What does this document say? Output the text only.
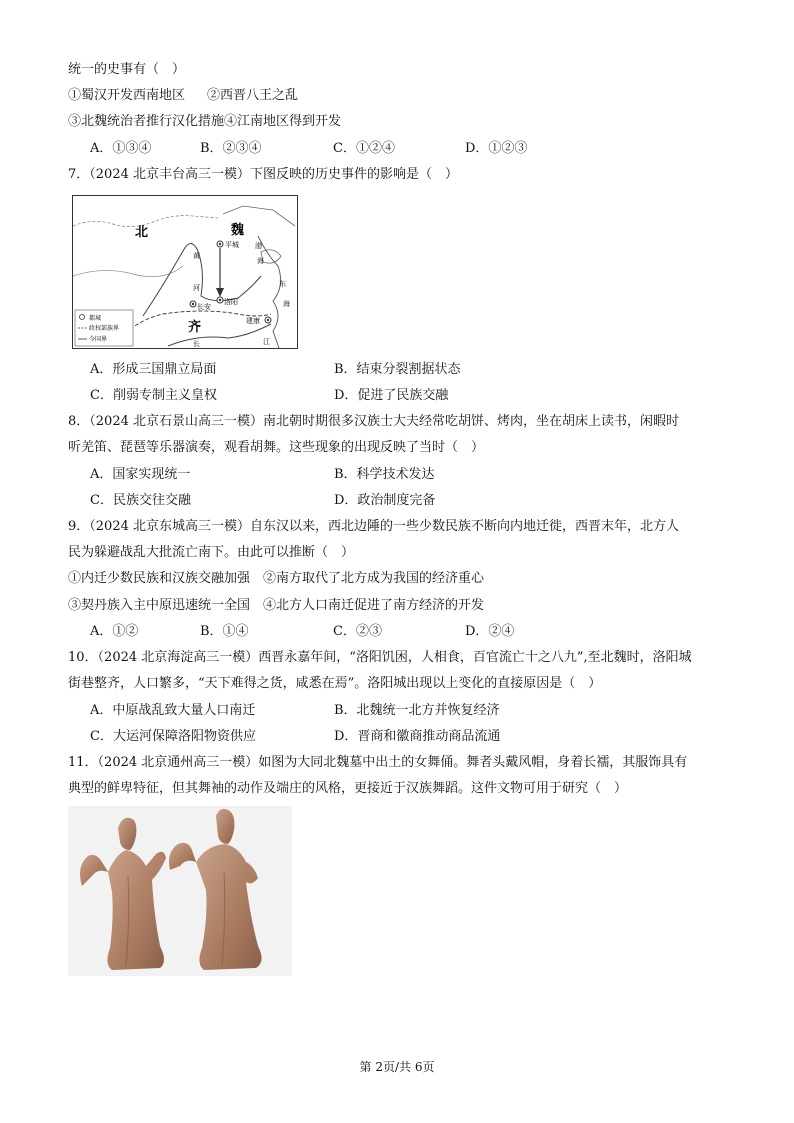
统一的史事有（　）
①蜀汉开发西南地区 ②西晋八王之乱
③北魏统治者推行汉化措施④江南地区得到开发
A．①③④	B．②③④	C．①②④	D．①②③
7．（2024 北京丰台高三一模）下图反映的历史事件的影响是（　）
北	魏
齐
平城
长安
洛阳
建康
黄
河
渤
海
东
海
长	江
都城
政权部族界
今国界
A．形成三国鼎立局面	B．结束分裂割据状态
C．削弱专制主义皇权	D．促进了民族交融
8．（2024 北京石景山高三一模）南北朝时期很多汉族士大夫经常吃胡饼、烤肉，坐在胡床上读书，闲暇时
听羌笛、琵琶等乐器演奏，观看胡舞。这些现象的出现反映了当时（　）
A．国家实现统一	B．科学技术发达
C．民族交往交融	D．政治制度完备
9．（2024 北京东城高三一模）自东汉以来，西北边陲的一些少数民族不断向内地迁徙，西晋末年，北方人
民为躲避战乱大批流亡南下。由此可以推断（　）
①内迁少数民族和汉族交融加强　②南方取代了北方成为我国的经济重心
③契丹族入主中原迅速统一全国　④北方人口南迁促进了南方经济的开发
A．①②	B．①④	C．②③	D．②④
10．（2024 北京海淀高三一模）西晋永嘉年间，“洛阳饥困，人相食，百官流亡十之八九”,至北魏时，洛阳城
街巷整齐，人口繁多，“天下难得之货，咸悉在焉”。洛阳城出现以上变化的直接原因是（　）
A．中原战乱致大量人口南迁	B．北魏统一北方并恢复经济
C．大运河保障洛阳物资供应	D．晋商和徽商推动商品流通
11．（2024 北京通州高三一模）如图为大同北魏墓中出土的女舞俑。舞者头戴风帽，身着长襦，其服饰具有
典型的鲜卑特征，但其舞袖的动作及端庄的风格，更接近于汉族舞蹈。这件文物可用于研究（　）
第 2页/共 6页
